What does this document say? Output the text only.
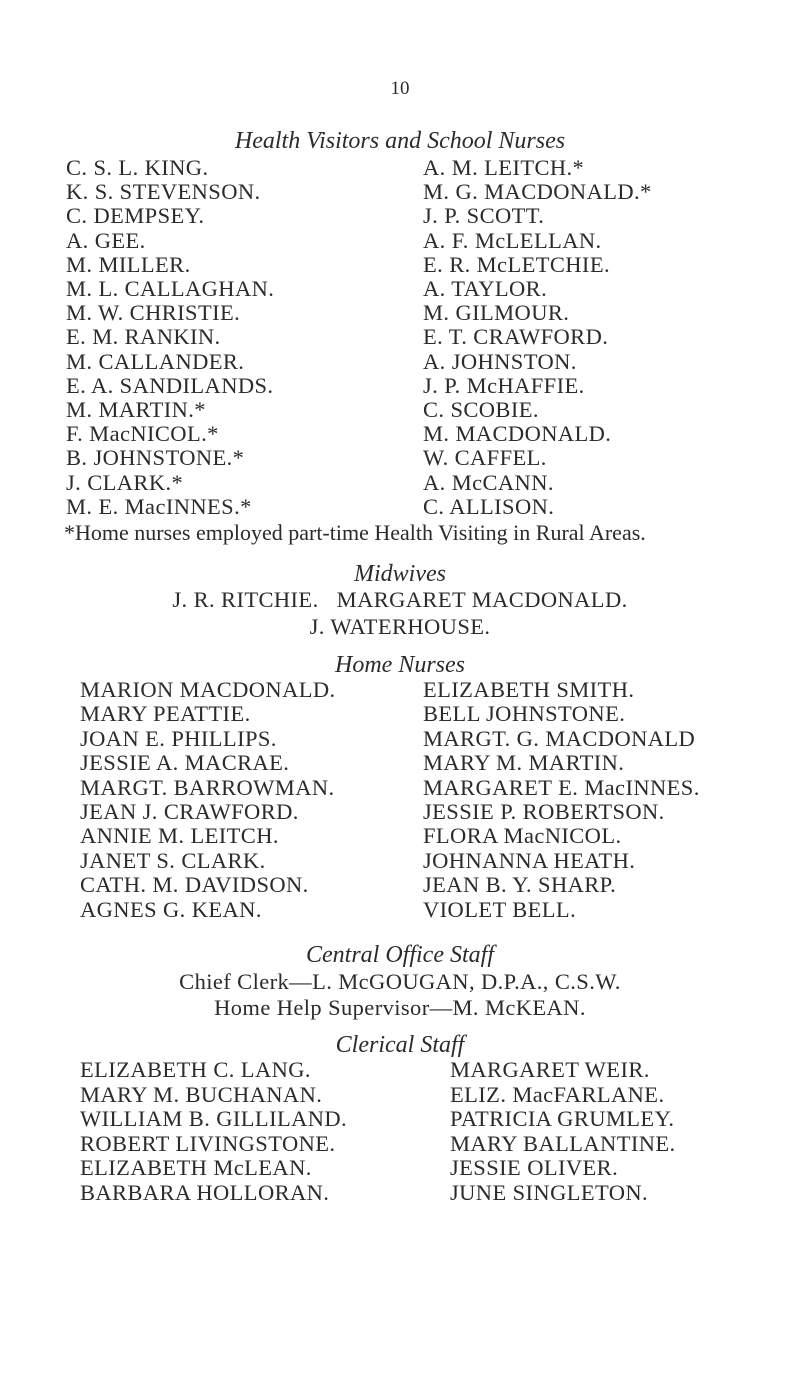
10
Health Visitors and School Nurses
C. S. L. KING.
K. S. STEVENSON.
C. DEMPSEY.
A. GEE.
M. MILLER.
M. L. CALLAGHAN.
M. W. CHRISTIE.
E. M. RANKIN.
M. CALLANDER.
E. A. SANDILANDS.
M. MARTIN.*
F. MacNICOL.*
B. JOHNSTONE.*
J. CLARK.*
M. E. MacINNES.*
A. M. LEITCH.*
M. G. MACDONALD.*
J. P. SCOTT.
A. F. McLELLAN.
E. R. McLETCHIE.
A. TAYLOR.
M. GILMOUR.
E. T. CRAWFORD.
A. JOHNSTON.
J. P. McHAFFIE.
C. SCOBIE.
M. MACDONALD.
W. CAFFEL.
A. McCANN.
C. ALLISON.
*Home nurses employed part-time Health Visiting in Rural Areas.
Midwives
J. R. RITCHIE.   MARGARET MACDONALD.
J. WATERHOUSE.
Home Nurses
MARION MACDONALD.
MARY PEATTIE.
JOAN E. PHILLIPS.
JESSIE A. MACRAE.
MARGT. BARROWMAN.
JEAN J. CRAWFORD.
ANNIE M. LEITCH.
JANET S. CLARK.
CATH. M. DAVIDSON.
AGNES G. KEAN.
ELIZABETH SMITH.
BELL JOHNSTONE.
MARGT. G. MACDONALD
MARY M. MARTIN.
MARGARET E. MacINNES.
JESSIE P. ROBERTSON.
FLORA MacNICOL.
JOHNANNA HEATH.
JEAN B. Y. SHARP.
VIOLET BELL.
Central Office Staff
Chief Clerk—L. McGOUGAN, D.P.A., C.S.W.
Home Help Supervisor—M. McKEAN.
Clerical Staff
ELIZABETH C. LANG.
MARY M. BUCHANAN.
WILLIAM B. GILLILAND.
ROBERT LIVINGSTONE.
ELIZABETH McLEAN.
BARBARA HOLLORAN.
MARGARET WEIR.
ELIZ. MacFARLANE.
PATRICIA GRUMLEY.
MARY BALLANTINE.
JESSIE OLIVER.
JUNE SINGLETON.
